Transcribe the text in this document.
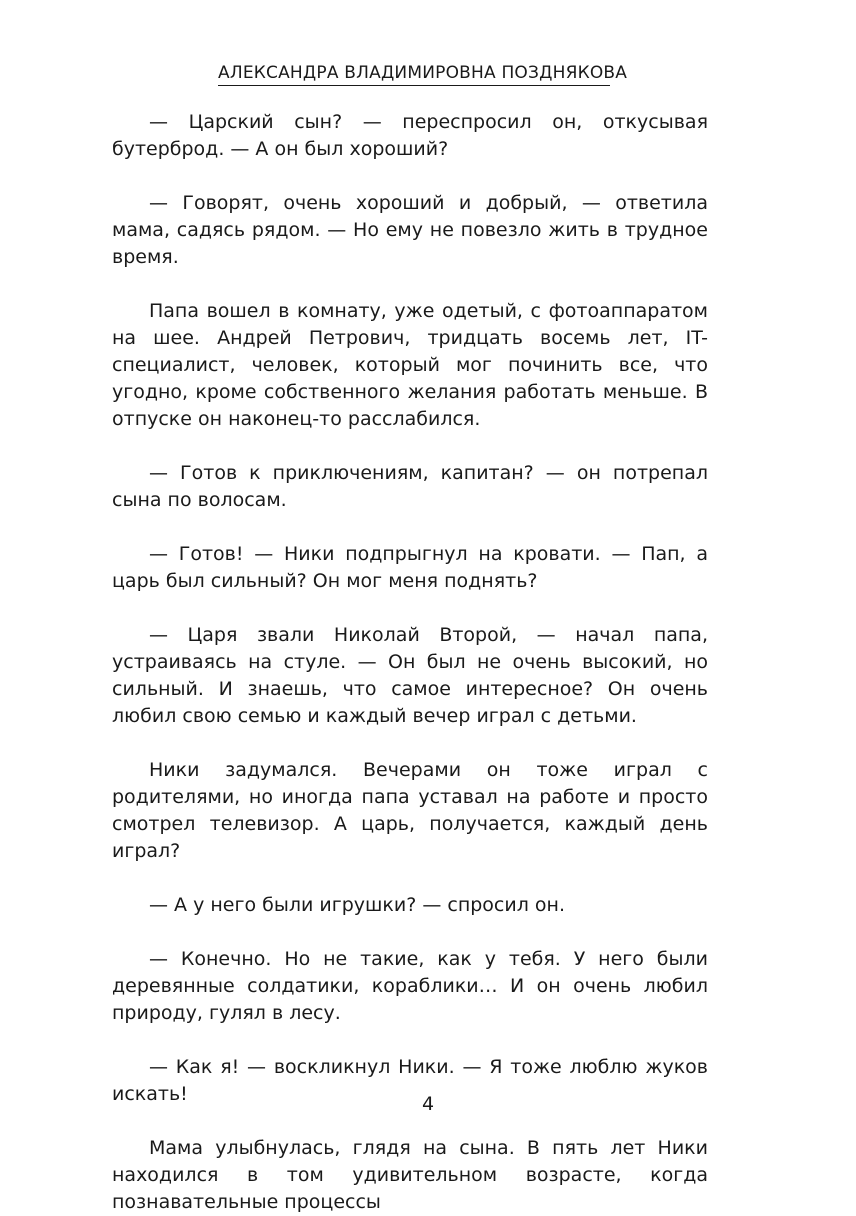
АЛЕКСАНДРА ВЛАДИМИРОВНА ПОЗДНЯКОВА

— Царский сын? — переспросил он, откусывая бутерброд. — А он был хороший?

— Говорят, очень хороший и добрый, — ответила мама, садясь рядом. — Но ему не повезло жить в трудное время.

Папа вошел в комнату, уже одетый, с фотоаппаратом на шее. Андрей Петрович, тридцать восемь лет, IT-специалист, человек, который мог починить все, что угодно, кроме собственного желания работать меньше. В отпуске он наконец-то расслабился.

— Готов к приключениям, капитан? — он потрепал сына по волосам.

— Готов! — Ники подпрыгнул на кровати. — Пап, а царь был сильный? Он мог меня поднять?

— Царя звали Николай Второй, — начал папа, устраиваясь на стуле. — Он был не очень высокий, но сильный. И знаешь, что самое интересное? Он очень любил свою семью и каждый вечер играл с детьми.

Ники задумался. Вечерами он тоже играл с родителями, но иногда папа уставал на работе и просто смотрел телевизор. А царь, получается, каждый день играл?

— А у него были игрушки? — спросил он.

— Конечно. Но не такие, как у тебя. У него были деревянные солдатики, кораблики… И он очень любил природу, гулял в лесу.

— Как я! — воскликнул Ники. — Я тоже люблю жуков искать!

Мама улыбнулась, глядя на сына. В пять лет Ники находился в том удивительном возрасте, когда познавательные процессы

4
